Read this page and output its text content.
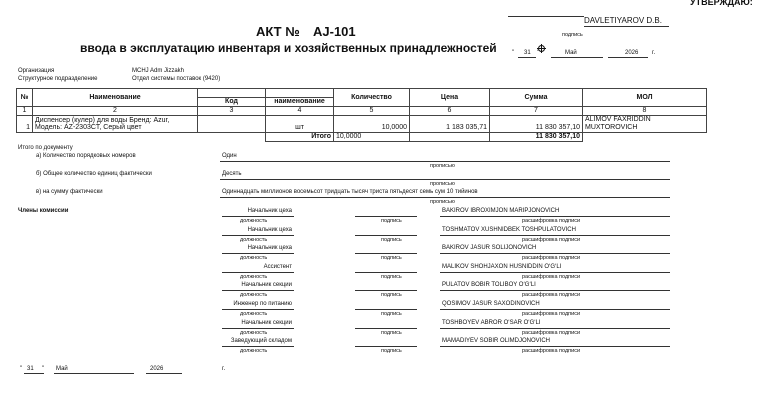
УТВЕРЖДАЮ:
DAVLETIYAROV D.B.
подпись
" 31 "	Май	2026 г.
АКТ № AJ-101
ввода в эксплуатацию инвентаря и хозяйственных принадлежностей
Организация	MCHJ Adm Jizzakh
Структурное подразделение	Отдел системы поставок (9420)
№	Наименование			Количество	Цена	Сумма	МОЛ
		Код	наименование				
1	2	3	4	5	6	7	8
1	Диспенсер (кулер) для воды Бренд: Azur,
Модель: AZ-2303CT, Серый цвет		шт	10,0000	1 183 035,71	11 830 357,10	ALIMOV FAXRIDDIN MUXTOROVICH
			Итого	10,0000		11 830 357,10	
Итого по документу
а) Количество порядковых номеров	Один
прописью
б) Общее количество единиц фактически	Десять
прописью
в) на сумму фактически	Одиннадцать миллионов восемьсот тридцать тысяч триста пятьдесят семь сум 10 тийинов
прописью
Члены комиссии	Начальник цеха
должность	подпись
BAKIROV IBROXIMJON MARIPJONOVICH
расшифровка подписи
Начальник цеха
должность	подпись
TOSHMATOV XUSHNIDBEK TOSHPULATOVICH
расшифровка подписи
Начальник цеха
должность	подпись
BAKIROV JASUR SOLIJONOVICH
расшифровка подписи
Ассистент
должность	подпись
MALIKOV SHOHJAXON HUSNIDDIN O‘G‘LI
расшифровка подписи
Начальник секции
должность	подпись
PULATOV BOBIR TOLIBOY O‘G‘LI
расшифровка подписи
Инженер по питанию
должность	подпись
QOSIMOV JASUR SAXODINOVICH
расшифровка подписи
Начальник секции
должность	подпись
TOSHBOYEV ABROR O‘SAR O‘G‘LI
расшифровка подписи
Заведующий складом
должность	подпись
MAMADIYEV SOBIR OLIMDJONOVICH
расшифровка подписи
" 31 " Май	2026	г.
